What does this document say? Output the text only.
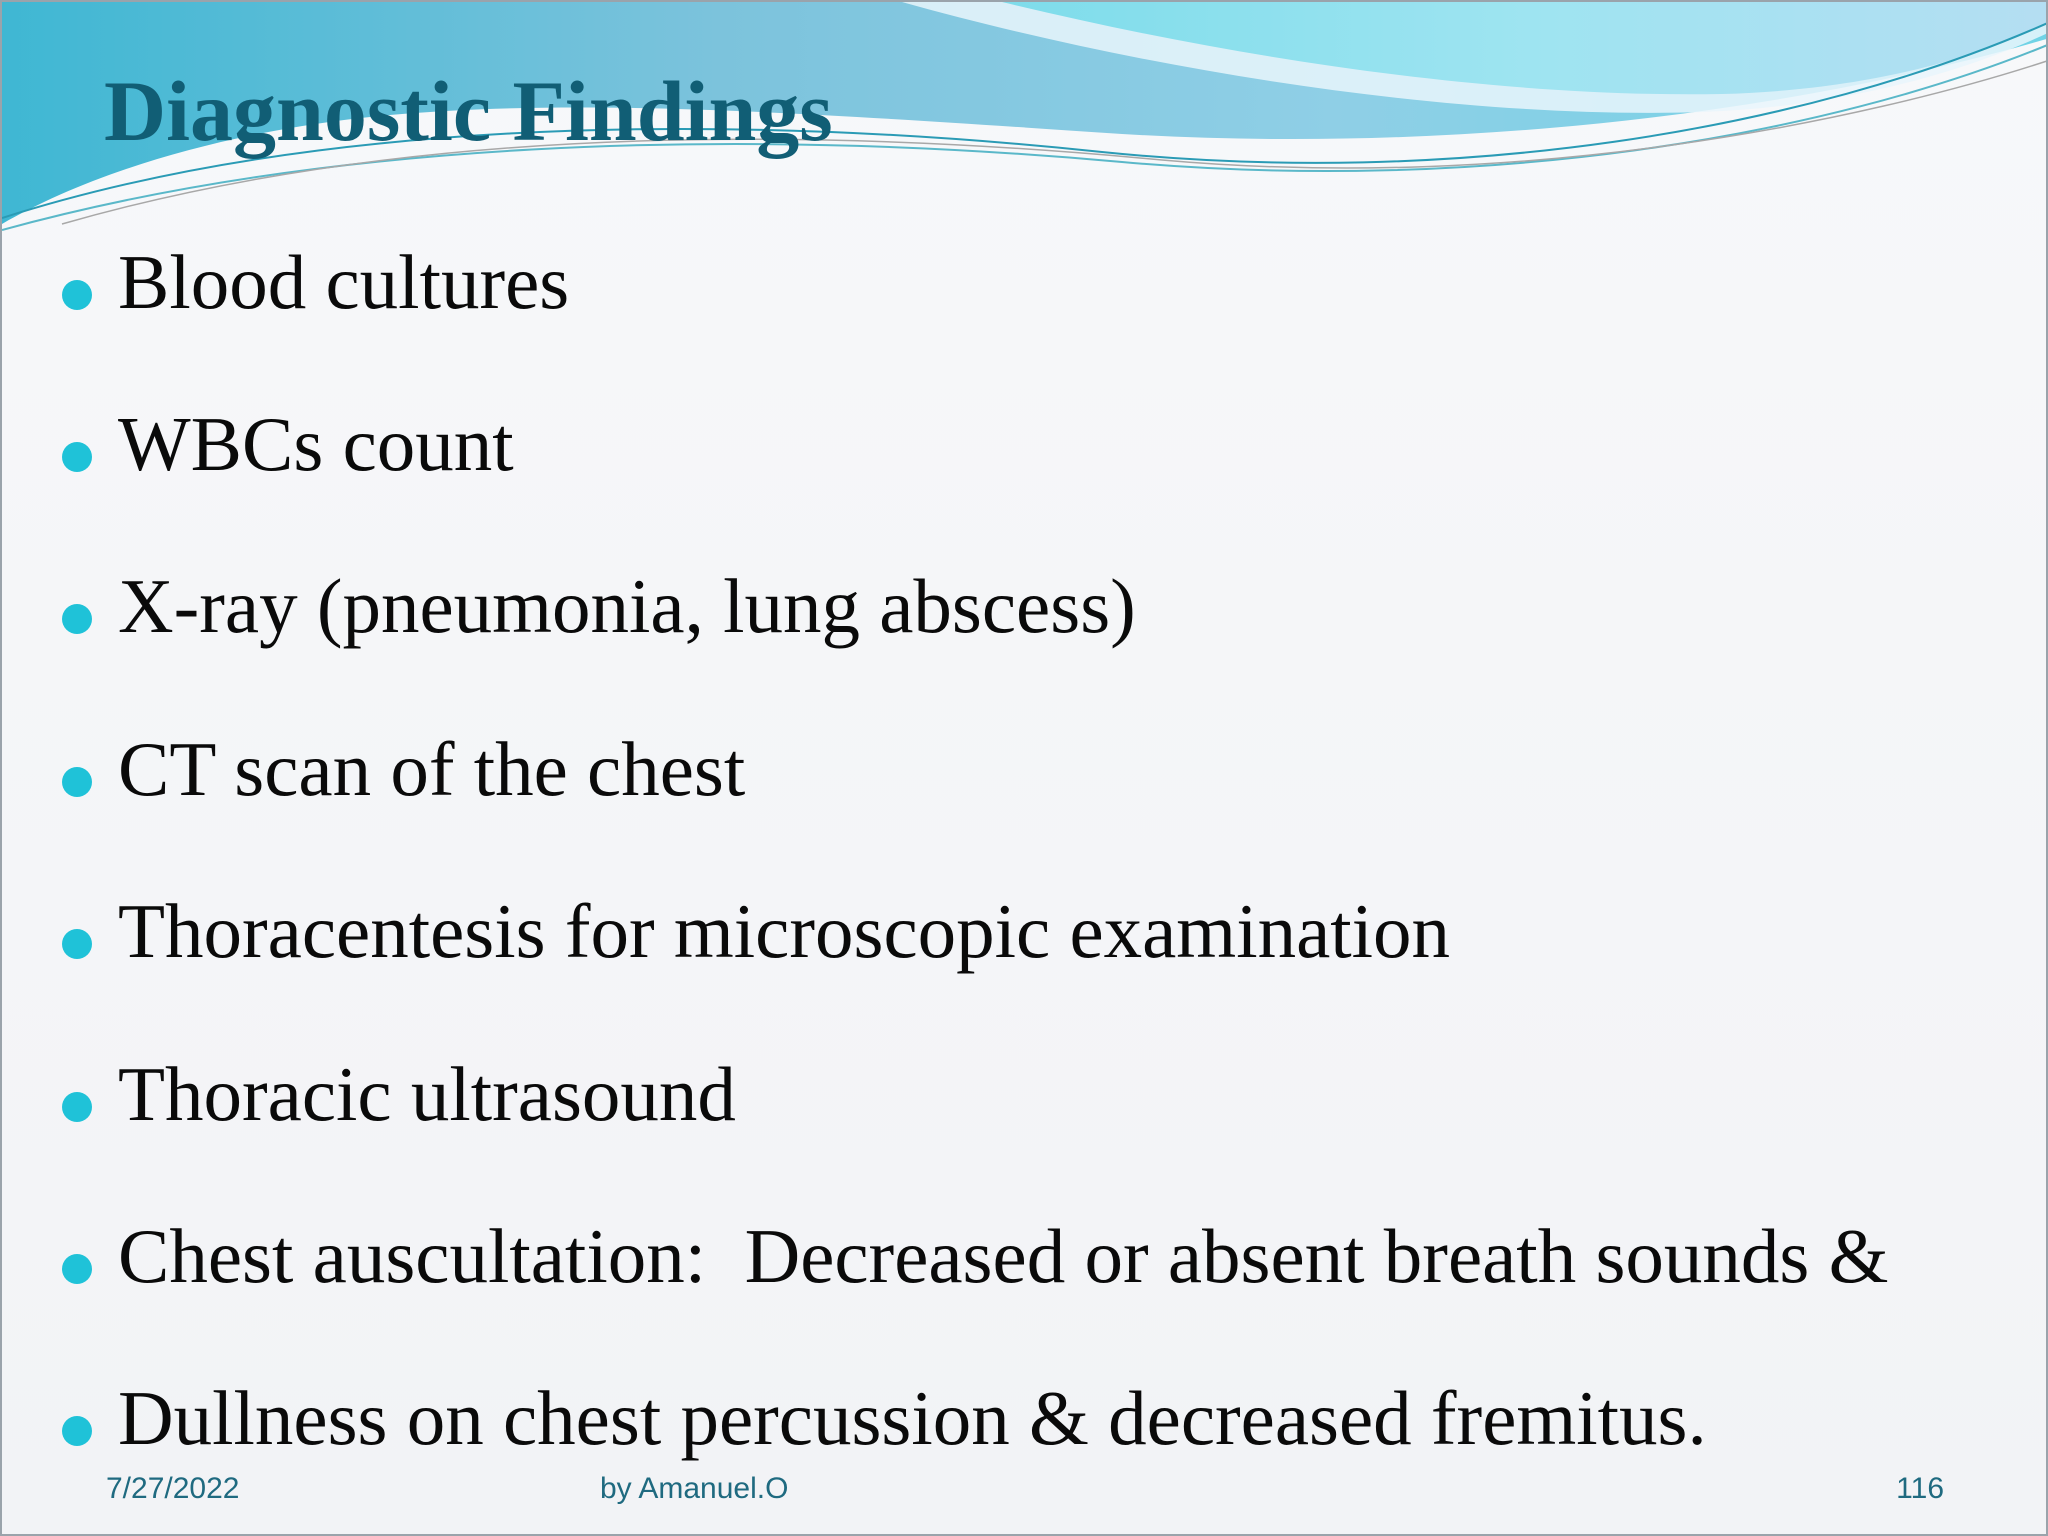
Diagnostic Findings
Blood cultures
WBCs count
X-ray (pneumonia, lung abscess)
CT scan of the chest
Thoracentesis for microscopic examination
Thoracic ultrasound
Chest auscultation:  Decreased or absent breath sounds &
Dullness on chest percussion & decreased fremitus.
7/27/2022	by Amanuel.O	116
